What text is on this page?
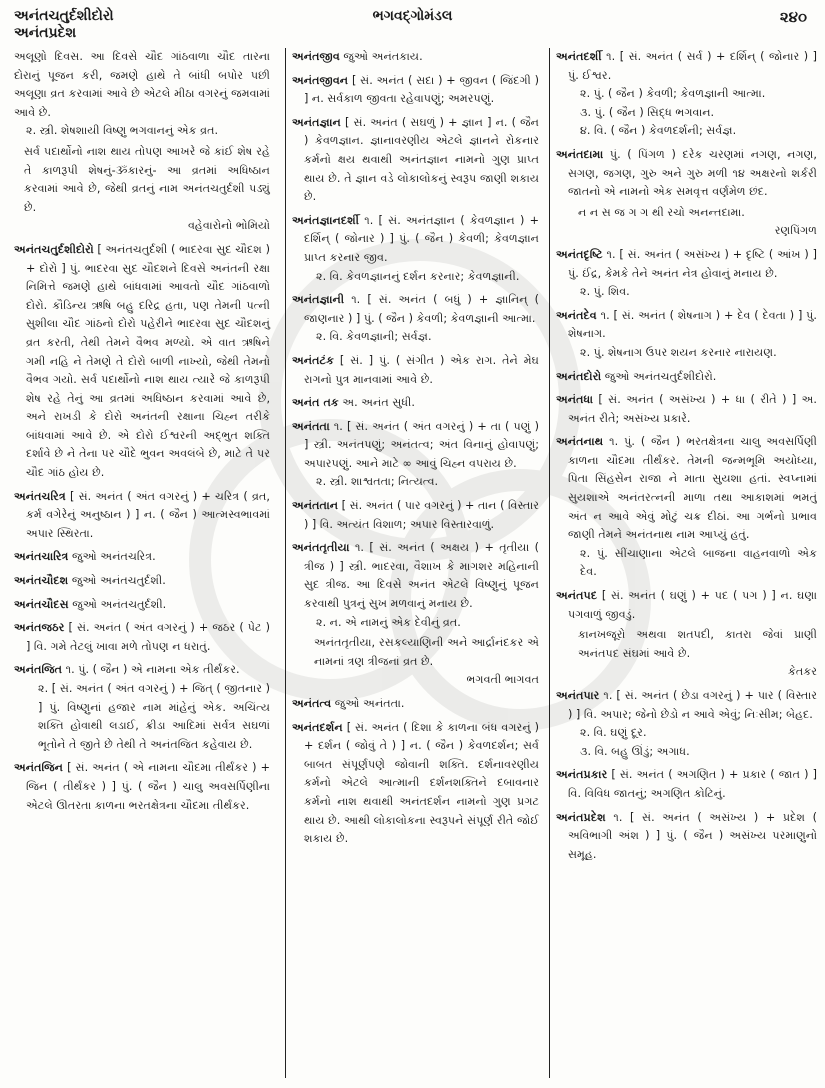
અનંતચતુર્દશીદોરો
અનંતપ્રદેશ
ભગવદ્ગોમંડલ	૨૪૦

અલૂણો દિવસ. આ દિવસે ચૌદ ગાંઠવાળા ચૌદ તારના દોરાનું પૂજન કરી, જમણે હાથે તે બાંધી બપોર પછી અલૂણા વ્રત કરવામાં આવે છે એટલે મીઠા વગરનું જમવામાં આવે છે.
૨. સ્ત્રી. શેષશાયી વિષ્ણુ ભગવાનનું એક વ્રત.
સર્વ પદાર્થોનો નાશ થાય તોપણ આખરે જે કાંઈ શેષ રહે તે કાળરૂપી શેષનું-ૐકારનું- આ વ્રતમાં અધિષ્ઠાન કરવામાં આવે છે, જેથી વ્રતનું નામ અનંતચતુર્દશી પડ્યું છે.
વહેવારોનો ભોમિયો

અનંતચતુર્દશીદોરો [ અનંતચતુર્દશી ( ભાદરવા સુદ ચૌદશ ) + દોરો ] પું. ભાદરવા સુદ ચૌદશને દિવસે અનંતની રક્ષા નિમિત્તે જમણે હાથે બાંધવામાં આવતો ચૌદ ગાંઠવાળો દોરો. કૌડિન્ય ઋષિ બહુ દરિદ્ર હતા, પણ તેમની પત્ની સુશીલા ચૌદ ગાંઠનો દોરો પહેરીને ભાદરવા સુદ ચૌદશનું વ્રત કરતી, તેથી તેમને વૈભવ મળ્યો. એ વાત ઋષિને ગમી નહિ ને તેમણે તે દોરો બાળી નાખ્યો, જેથી તેમનો વૈભવ ગયો. સર્વ પદાર્થોનો નાશ થાય ત્યારે જે કાળરૂપી શેષ રહે તેનું આ વ્રતમાં અધિષ્ઠાન કરવામાં આવે છે, અને રાખડી કે દોરો અનંતની રક્ષાના ચિહ્ન તરીકે બાંધવામાં આવે છે. એ દોરો ઈશ્વરની અદ્ભુત શક્તિ દર્શાવે છે ને તેના પર ચૌદે ભુવન અવલંબે છે, માટે તે પર ચૌદ ગાંઠ હોય છે.

અનંતચરિત્ર [ સં. અનંત ( અંત વગરનું ) + ચરિત્ર ( વ્રત, કર્મ વગેરેનું અનુષ્ઠાન ) ] ન. ( જૈન ) આત્મસ્વભાવમાં અપાર સ્થિરતા.

અનંતચારિત્ર જુઓ અનંતચરિત્ર.

અનંતચૌદશ જુઓ અનંતચતુર્દશી.

અનંતચૌદસ જુઓ અનંતચતુર્દશી.

અનંતજઠર [ સં. અનંત ( અંત વગરનું ) + જઠર ( પેટ ) ] વિ. ગમે તેટલું ખાવા મળે તોપણ ન ધરાતું.

અનંતજિત ૧. પું. ( જૈન ) એ નામના એક તીર્થંકર.
૨. [ સં. અનંત ( અંત વગરનું ) + જિત્ ( જીતનાર ) ] પું. વિષ્ણુનાં હજાર નામ માંહેનું એક. અચિંત્ય શક્તિ હોવાથી લડાઈ, ક્રીડા આદિમાં સર્વત્ર સઘળાં ભૂતોને તે જીતે છે તેથી તે અનંતજિત કહેવાય છે.

અનંતજિન [ સં. અનંત ( એ નામના ચૌદમા તીર્થંકર ) + જિન ( તીર્થંકર ) ] પું. ( જૈન ) ચાલુ અવસર્પિણીના એટલે ઊતરતા કાળના ભરતક્ષેત્રના ચૌદમા તીર્થંકર.

અનંતજીવ જુઓ અનંતકાય.

અનંતજીવન [ સં. અનંત ( સદા ) + જીવન ( જિંદગી ) ] ન. સર્વકાળ જીવતા રહેવાપણું; અમરપણું.

અનંતજ્ઞાન [ સં. અનંત ( સઘળું ) + જ્ઞાન ] ન. ( જૈન ) કેવળજ્ઞાન. જ્ઞાનાવરણીય એટલે જ્ઞાનને રોકનાર કર્મનો ક્ષય થવાથી અનંતજ્ઞાન નામનો ગુણ પ્રાપ્ત થાય છે. તે જ્ઞાન વડે લોકાલોકનું સ્વરૂપ જાણી શકાય છે.

અનંતજ્ઞાનદર્શી ૧. [ સં. અનંતજ્ઞાન ( કેવળજ્ઞાન ) + દર્શિન્ ( જોનાર ) ] પું. ( જૈન ) કેવળી; કેવળજ્ઞાન પ્રાપ્ત કરનાર જીવ.
૨. વિ. કેવળજ્ઞાનનું દર્શન કરનાર; કેવળજ્ઞાની.

અનંતજ્ઞાની ૧. [ સં. અનંત ( બધું ) + જ્ઞાનિન્ ( જાણનાર ) ] પું. ( જૈન ) કેવળી; કેવળજ્ઞાની આત્મા.
૨. વિ. કેવળજ્ઞાની; સર્વજ્ઞ.

અનંતટંક [ સં. ] પું. ( સંગીત ) એક રાગ. તેને મેઘ રાગનો પુત્ર માનવામાં આવે છે.

અનંત તક અ. અનંત સુધી.

અનંતતા ૧. [ સં. અનંત ( અંત વગરનું ) + તા ( પણું ) ] સ્ત્રી. અનંતપણું; અનંતત્વ; અંત વિનાનું હોવાપણું; અપારપણું. આને માટે ∞ આવું ચિહ્ન વપરાય છે.
૨. સ્ત્રી. શાશ્વતતા; નિત્યત્વ.

અનંતતાન [ સં. અનંત ( પાર વગરનું ) + તાન ( વિસ્તાર ) ] વિ. અત્યંત વિશાળ; અપાર વિસ્તારવાળું.

અનંતતૃતીયા ૧. [ સં. અનંત ( અક્ષય ) + તૃતીયા ( ત્રીજ ) ] સ્ત્રી. ભાદરવા, વૈશાખ કે માગશર મહિનાની સુદ ત્રીજ. આ દિવસે અનંત એટલે વિષ્ણુનું પૂજન કરવાથી પુત્રનું સુખ મળવાનું મનાય છે.
૨. ન. એ નામનું એક દેવીનું વ્રત.
અનંતતૃતીયા, રસકલ્યાણિની અને આર્દ્રાનંદકર એ નામનાં ત્રણ ત્રીજનાં વ્રત છે.
ભગવતી ભાગવત

અનંતત્વ જુઓ અનંતતા.

અનંતદર્શન [ સં. અનંત ( દિશા કે કાળના બંધ વગરનું ) + દર્શન ( જોવું તે ) ] ન. ( જૈન ) કેવળદર્શન; સર્વ બાબત સંપૂર્ણપણે જોવાની શક્તિ. દર્શનાવરણીય કર્મનો એટલે આત્માની દર્શનશક્તિને દબાવનાર કર્મનો નાશ થવાથી અનંતદર્શન નામનો ગુણ પ્રગટ થાય છે. આથી લોકાલોકના સ્વરૂપને સંપૂર્ણ રીતે જોઈ શકાય છે.

અનંતદર્શી ૧. [ સં. અનંત ( સર્વ ) + દર્શિન્ ( જોનાર ) ] પું. ઈશ્વર.
૨. પું. ( જૈન ) કેવળી; કેવળજ્ઞાની આત્મા.
૩. પું. ( જૈન ) સિદ્ધ ભગવાન.
૪. વિ. ( જૈન ) કેવળદર્શની; સર્વજ્ઞ.

અનંતદામા પું. ( પિંગળ ) દરેક ચરણમાં નગણ, નગણ, સગણ, જગણ, ગુરુ અને ગુરુ મળી ૧૪ અક્ષરનો શર્કરી જાતનો એ નામનો એક સમવૃત્ત વર્ણમેળ છંદ.
ન ન સ જ ગ ગ થી રચો અનન્તદામા.
રણપિંગળ

અનંતદૃષ્ટિ ૧. [ સં. અનંત ( અસંખ્ય ) + દૃષ્ટિ ( આંખ ) ] પું. ઈંદ્ર, કેમકે તેને અનંત નેત્ર હોવાનું મનાય છે.
૨. પું. શિવ.

અનંતદેવ ૧. [ સં. અનંત ( શેષનાગ ) + દેવ ( દેવતા ) ] પું. શેષનાગ.
૨. પું. શેષનાગ ઉપર શયન કરનાર નારાયણ.

અનંતદોરો જુઓ અનંતચતુર્દશીદોરો.

અનંતધા [ સં. અનંત ( અસંખ્ય ) + ધા ( રીતે ) ] અ. અનંત રીતે; અસંખ્ય પ્રકારે.

અનંતનાથ ૧. પું. ( જૈન ) ભરતક્ષેત્રના ચાલુ અવસર્પિણી કાળના ચૌદમા તીર્થંકર. તેમની જન્મભૂમિ અયોધ્યા, પિતા સિંહસેન રાજા ને માતા સુયશા હતાં. સ્વપ્નામાં સુયશાએ અનંતરત્નની માળા તથા આકાશમાં ભમતું અંત ન આવે એવું મોટું ચક્ર દીઠાં. આ ગર્ભનો પ્રભાવ જાણી તેમને અનંતનાથ નામ આપ્યું હતું.
૨. પું. સીંચાણાના એટલે બાજના વાહનવાળો એક દેવ.

અનંતપદ [ સં. અનંત ( ઘણું ) + પદ ( પગ ) ] ન. ઘણા પગવાળું જીવડું.
કાનખજૂરો અથવા શતપદી, કાતરા જેવાં પ્રાણી અનંતપદ સંઘમાં આવે છે.
કેતકર

અનંતપાર ૧. [ સં. અનંત ( છેડા વગરનું ) + પાર ( વિસ્તાર ) ] વિ. અપાર; જેનો છેડો ન આવે એવું; નિઃસીમ; બેહદ.
૨. વિ. ઘણું દૂર.
૩. વિ. બહુ ઊંડું; અગાધ.

અનંતપ્રકાર [ સં. અનંત ( અગણિત ) + પ્રકાર ( જાત ) ] વિ. વિવિધ જાતનું; અગણિત કોટિનું.

અનંતપ્રદેશ ૧. [ સં. અનંત ( અસંખ્ય ) + પ્રદેશ ( અવિભાગી અંશ ) ] પું. ( જૈન ) અસંખ્ય પરમાણુનો સમૂહ.
